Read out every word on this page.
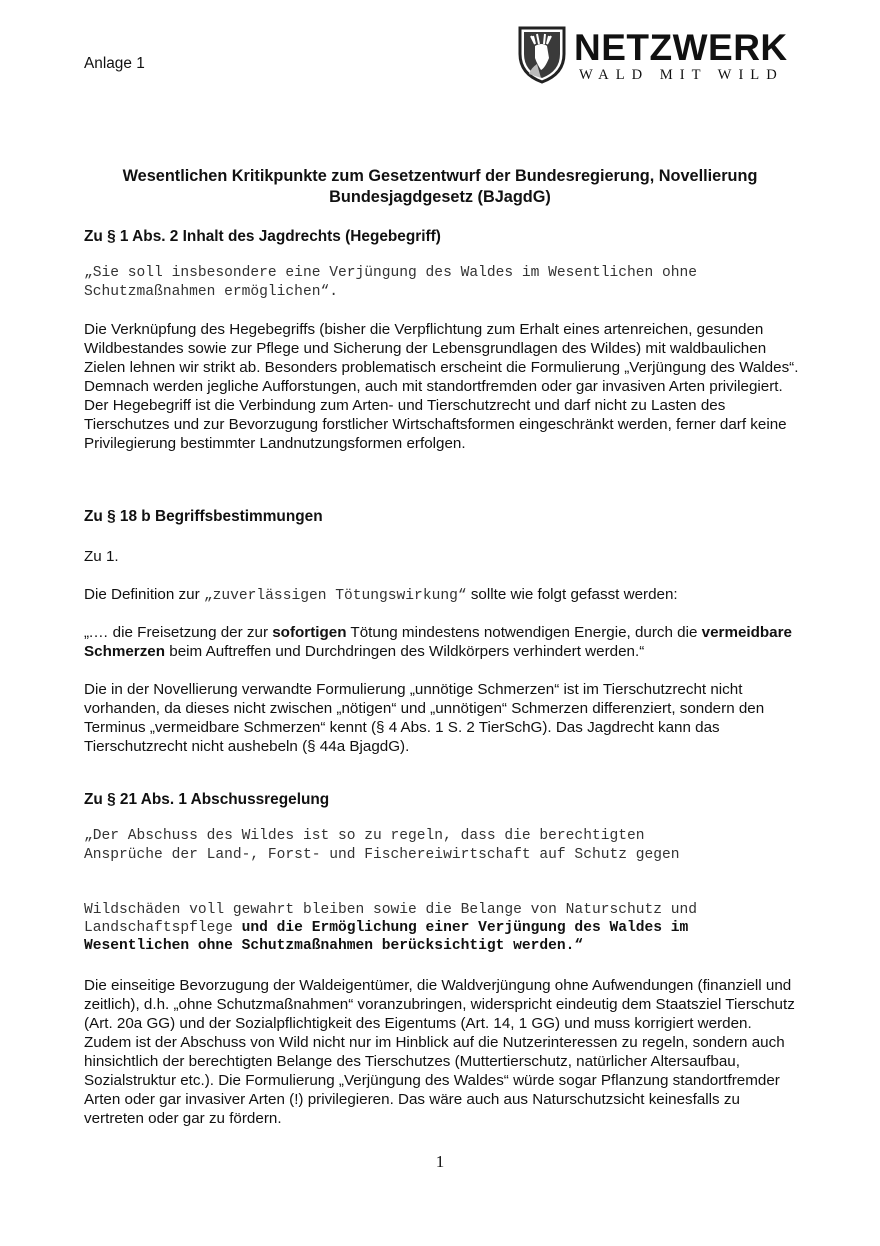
Anlage 1	NETZWERK
WALD MIT WILD
Wesentlichen Kritikpunkte zum Gesetzentwurf der Bundesregierung, Novellierung Bundesjagdgesetz (BJagdG)
Zu § 1 Abs. 2 Inhalt des Jagdrechts (Hegebegriff)
„Sie soll insbesondere eine Verjüngung des Waldes im Wesentlichen ohne
Schutzmaßnahmen ermöglichen“.

Die Verknüpfung des Hegebegriffs (bisher die Verpflichtung zum Erhalt eines artenreichen, gesunden Wildbestandes sowie zur Pflege und Sicherung der Lebensgrundlagen des Wildes) mit waldbaulichen Zielen lehnen wir strikt ab. Besonders problematisch erscheint die Formulierung „Verjüngung des Waldes“. Demnach werden jegliche Aufforstungen, auch mit standortfremden oder gar invasiven Arten privilegiert. Der Hegebegriff ist die Verbindung zum Arten- und Tierschutzrecht und darf nicht zu Lasten des Tierschutzes und zur Bevorzugung forstlicher Wirtschaftsformen eingeschränkt werden, ferner darf keine Privilegierung bestimmter Landnutzungsformen erfolgen.

Zu § 18 b Begriffsbestimmungen
Zu 1.

Die Definition zur „zuverlässigen Tötungswirkung“ sollte wie folgt gefasst werden:

„.… die Freisetzung der zur sofortigen Tötung mindestens notwendigen Energie, durch die vermeidbare Schmerzen beim Auftreffen und Durchdringen des Wildkörpers verhindert werden.“

Die in der Novellierung verwandte Formulierung „unnötige Schmerzen“ ist im Tierschutzrecht nicht vorhanden, da dieses nicht zwischen „nötigen“ und „unnötigen“ Schmerzen differenziert, sondern den Terminus „vermeidbare Schmerzen“ kennt (§ 4 Abs. 1 S. 2 TierSchG). Das Jagdrecht kann das Tierschutzrecht nicht aushebeln (§ 44a BjagdG).

Zu § 21 Abs. 1 Abschussregelung
„Der Abschuss des Wildes ist so zu regeln, dass die berechtigten
Ansprüche der Land-, Forst- und Fischereiwirtschaft auf Schutz gegen
Wildschäden voll gewahrt bleiben sowie die Belange von Naturschutz und
Landschaftspflege und die Ermöglichung einer Verjüngung des Waldes im
Wesentlichen ohne Schutzmaßnahmen berücksichtigt werden.“

Die einseitige Bevorzugung der Waldeigentümer, die Waldverjüngung ohne Aufwendungen (finanziell und zeitlich), d.h. „ohne Schutzmaßnahmen“ voranzubringen, widerspricht eindeutig dem Staatsziel Tierschutz (Art. 20a GG) und der Sozialpflichtigkeit des Eigentums (Art. 14, 1 GG) und muss korrigiert werden. Zudem ist der Abschuss von Wild nicht nur im Hinblick auf die Nutzerinteressen zu regeln, sondern auch hinsichtlich der berechtigten Belange des Tierschutzes (Muttertierschutz, natürlicher Altersaufbau, Sozialstruktur etc.). Die Formulierung „Verjüngung des Waldes“ würde sogar Pflanzung standortfremder Arten oder gar invasiver Arten (!) privilegieren. Das wäre auch aus Naturschutzsicht keinesfalls zu vertreten oder gar zu fördern.

1
